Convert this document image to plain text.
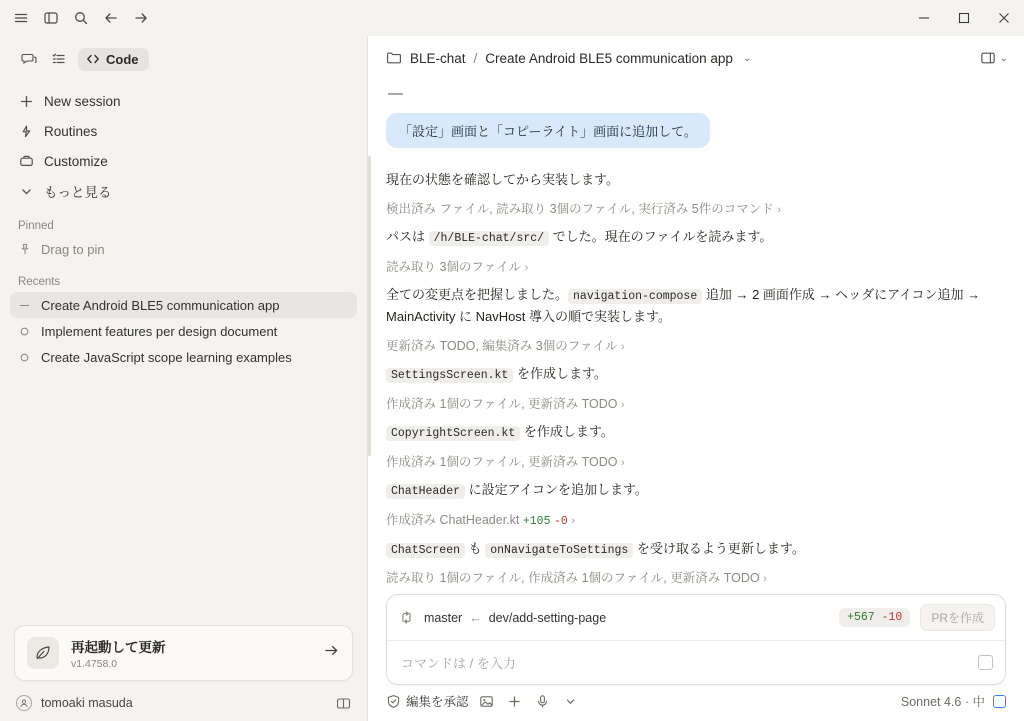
Code
New session
Routines
Customize
もっと見る
Pinned
Drag to pin
Recents
Create Android BLE5 communication app
Implement features per design document
Create JavaScript scope learning examples
再起動して更新
v1.4758.0
tomoaki masuda
BLE-chat / Create Android BLE5 communication app ⌄	⌄
—
「設定」画面と「コピーライト」画面に追加して。
現在の状態を確認してから実装します。
検出済み ファイル, 読み取り 3個のファイル, 実行済み 5件のコマンド ›
パスは /h/BLE-chat/src/ でした。現在のファイルを読みます。
読み取り 3個のファイル ›
全ての変更点を把握しました。 navigation-compose 追加 → 2 画面作成 → ヘッダにアイコン追加 → MainActivity に NavHost 導入の順で実装します。
更新済み TODO, 編集済み 3個のファイル ›
SettingsScreen.kt を作成します。
作成済み 1個のファイル, 更新済み TODO ›
CopyrightScreen.kt を作成します。
作成済み 1個のファイル, 更新済み TODO ›
ChatHeader に設定アイコンを追加します。
作成済み ChatHeader.kt +105 -0 ›
ChatScreen も onNavigateToSettings を受け取るよう更新します。
読み取り 1個のファイル, 作成済み 1個のファイル, 更新済み TODO ›
master ← dev/add-setting-page	+567 -10	PRを作成
コマンドは / を入力
編集を承認	Sonnet 4.6 · 中
